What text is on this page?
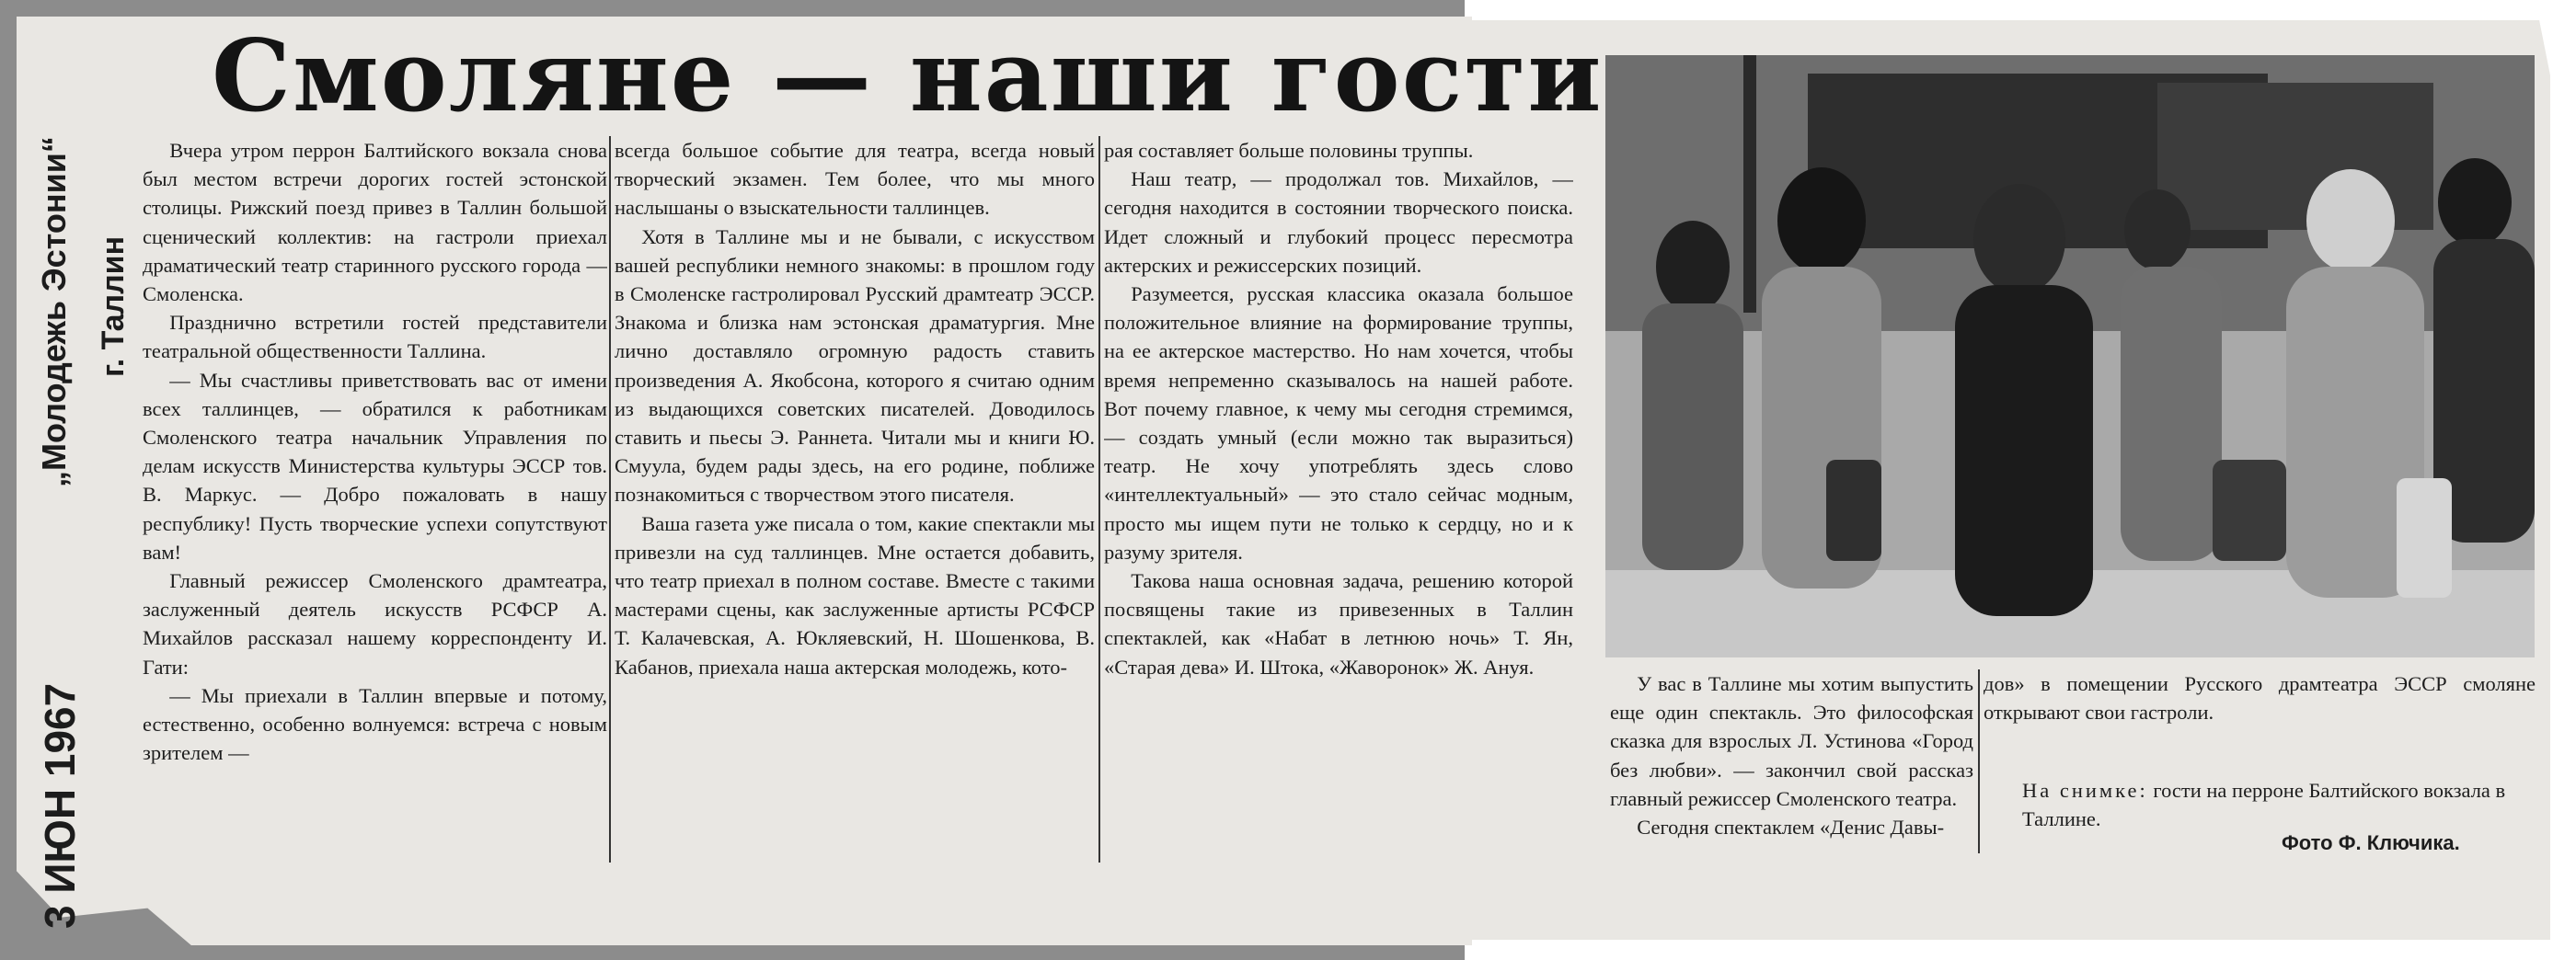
„Молодежь Эстонии“ г. Таллин
3 ИЮН 1967
Смоляне — наши гости

Вчера утром перрон Балтийского вокзала снова был местом встречи дорогих гостей эстонской столицы. Рижский поезд привез в Таллин большой сценический коллектив: на гастроли приехал драматический театр старинного русского города — Смоленска.

Празднично встретили гостей представители театральной общественности Таллина.

— Мы счастливы приветствовать вас от имени всех таллинцев, — обратился к работникам Смоленского театра начальник Управления по делам искусств Министерства культуры ЭССР тов. В. Маркус. — Добро пожаловать в нашу республику! Пусть творческие успехи сопутствуют вам!

Главный режиссер Смоленского драмтеатра, заслуженный деятель искусств РСФСР А. Михайлов рассказал нашему корреспонденту И. Гати:

— Мы приехали в Таллин впервые и потому, естественно, особенно волнуемся: встреча с новым зрителем —

всегда большое событие для театра, всегда новый творческий экзамен. Тем более, что мы много наслышаны о взыскательности таллинцев.

Хотя в Таллине мы и не бывали, с искусством вашей республики немного знакомы: в прошлом году в Смоленске гастролировал Русский драмтеатр ЭССР. Знакома и близка нам эстонская драматургия. Мне лично доставляло огромную радость ставить произведения А. Якобсона, которого я считаю одним из выдающихся советских писателей. Доводилось ставить и пьесы Э. Раннета. Читали мы и книги Ю. Смуула, будем рады здесь, на его родине, поближе познакомиться с творчеством этого писателя.

Ваша газета уже писала о том, какие спектакли мы привезли на суд таллинцев. Мне остается добавить, что театр приехал в полном составе. Вместе с такими мастерами сцены, как заслуженные артисты РСФСР Т. Калачевская, А. Юкляевский, Н. Шошенкова, В. Кабанов, приехала наша актерская молодежь, кото-

рая составляет больше половины труппы.

Наш театр, — продолжал тов. Михайлов, — сегодня находится в состоянии творческого поиска. Идет сложный и глубокий процесс пересмотра актерских и режиссерских позиций.

Разумеется, русская классика оказала большое положительное влияние на формирование труппы, на ее актерское мастерство. Но нам хочется, чтобы время непременно сказывалось на нашей работе. Вот почему главное, к чему мы сегодня стремимся, — создать умный (если можно так выразиться) театр. Не хочу употреблять здесь слово «интеллектуальный» — это стало сейчас модным, просто мы ищем пути не только к сердцу, но и к разуму зрителя.

Такова наша основная задача, решению которой посвящены такие из привезенных в Таллин спектаклей, как «Набат в летнюю ночь» Т. Ян, «Старая дева» И. Штока, «Жаворонок» Ж. Ануя.

У вас в Таллине мы хотим выпустить еще один спектакль. Это философская сказка для взрослых Л. Устинова «Город без любви». — закончил свой рассказ главный режиссер Смоленского театра.

Сегодня спектаклем «Денис Давы-

дов» в помещении Русского драмтеатра ЭССР смоляне открывают свои гастроли.

На снимке: гости на перроне Балтийского вокзала в Таллине.

Фото Ф. Ключика.
